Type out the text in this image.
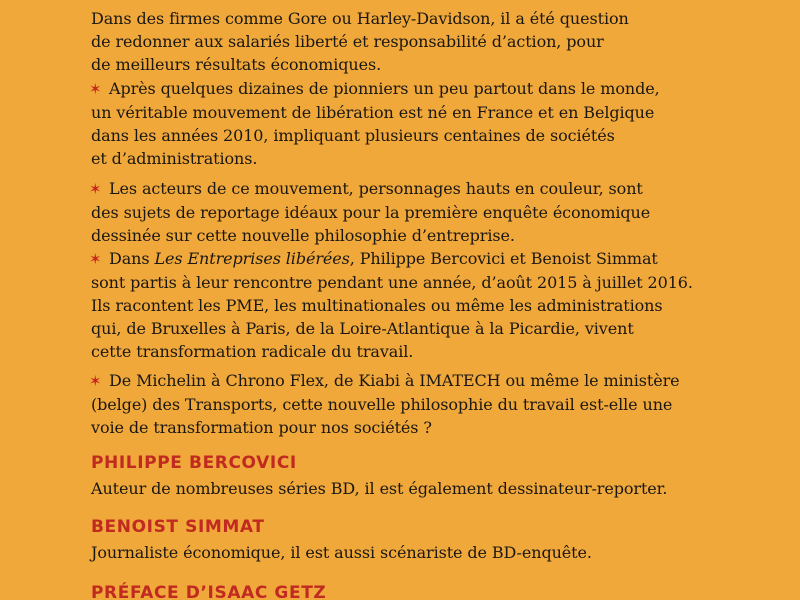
Dans des firmes comme Gore ou Harley-Davidson, il a été question
de redonner aux salariés liberté et responsabilité d’action, pour
de meilleurs résultats économiques.
✶ Après quelques dizaines de pionniers un peu partout dans le monde,
un véritable mouvement de libération est né en France et en Belgique
dans les années 2010, impliquant plusieurs centaines de sociétés
et d’administrations.
✶ Les acteurs de ce mouvement, personnages hauts en couleur, sont
des sujets de reportage idéaux pour la première enquête économique
dessinée sur cette nouvelle philosophie d’entreprise.
✶ Dans Les Entreprises libérées, Philippe Bercovici et Benoist Simmat
sont partis à leur rencontre pendant une année, d’août 2015 à juillet 2016.
Ils racontent les PME, les multinationales ou même les administrations
qui, de Bruxelles à Paris, de la Loire-Atlantique à la Picardie, vivent
cette transformation radicale du travail.
✶ De Michelin à Chrono Flex, de Kiabi à IMATECH ou même le ministère
(belge) des Transports, cette nouvelle philosophie du travail est-elle une
voie de transformation pour nos sociétés ?
PHILIPPE BERCOVICI
Auteur de nombreuses séries BD, il est également dessinateur-reporter.
BENOIST SIMMAT
Journaliste économique, il est aussi scénariste de BD-enquête.
PRÉFACE D’ISAAC GETZ
